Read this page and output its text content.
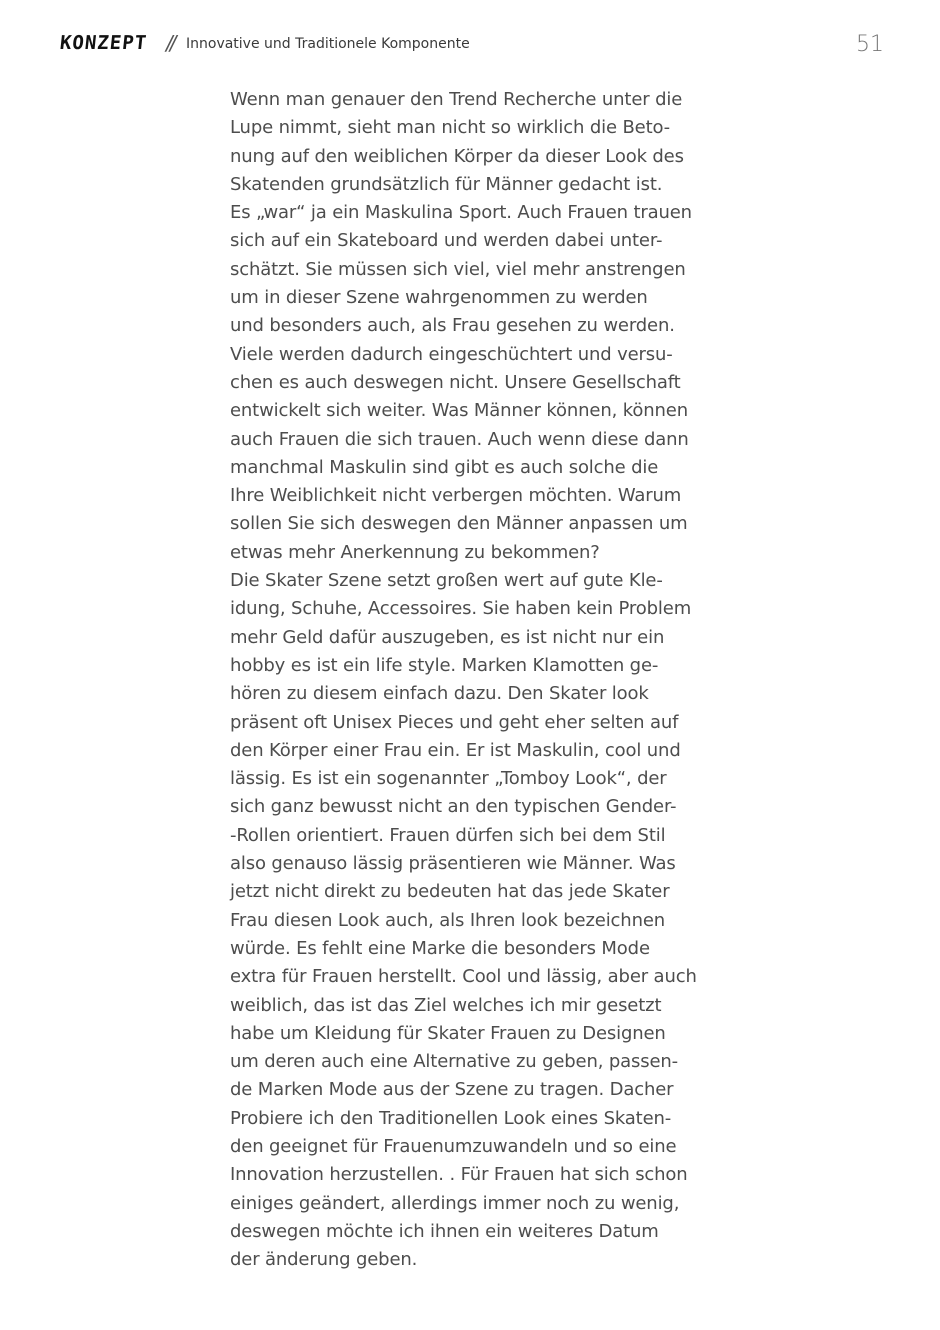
KONZEPT // Innovative und Traditionele Komponente	51
Wenn man genauer den Trend Recherche unter die
Lupe nimmt, sieht man nicht so wirklich die Beto-
nung auf den weiblichen Körper da dieser Look des
Skatenden grundsätzlich für Männer gedacht ist.
Es „war“ ja ein Maskulina Sport. Auch Frauen trauen
sich auf ein Skateboard und werden dabei unter-
schätzt. Sie müssen sich viel, viel mehr anstrengen
um in dieser Szene wahrgenommen zu werden
und besonders auch, als Frau gesehen zu werden.
Viele werden dadurch eingeschüchtert und versu-
chen es auch deswegen nicht. Unsere Gesellschaft
entwickelt sich weiter. Was Männer können, können
auch Frauen die sich trauen. Auch wenn diese dann
manchmal Maskulin sind gibt es auch solche die
Ihre Weiblichkeit nicht verbergen möchten. Warum
sollen Sie sich deswegen den Männer anpassen um
etwas mehr Anerkennung zu bekommen?
Die Skater Szene setzt großen wert auf gute Kle-
idung, Schuhe, Accessoires. Sie haben kein Problem
mehr Geld dafür auszugeben, es ist nicht nur ein
hobby es ist ein life style. Marken Klamotten ge-
hören zu diesem einfach dazu. Den Skater look
präsent oft Unisex Pieces und geht eher selten auf
den Körper einer Frau ein. Er ist Maskulin, cool und
lässig. Es ist ein sogenannter „Tomboy Look“, der
sich ganz bewusst nicht an den typischen Gender-
-Rollen orientiert. Frauen dürfen sich bei dem Stil
also genauso lässig präsentieren wie Männer. Was
jetzt nicht direkt zu bedeuten hat das jede Skater
Frau diesen Look auch, als Ihren look bezeichnen
würde. Es fehlt eine Marke die besonders Mode
extra für Frauen herstellt. Cool und lässig, aber auch
weiblich, das ist das Ziel welches ich mir gesetzt
habe um Kleidung für Skater Frauen zu Designen
um deren auch eine Alternative zu geben, passen-
de Marken Mode aus der Szene zu tragen. Dacher
Probiere ich den Traditionellen Look eines Skaten-
den geeignet für Frauenumzuwandeln und so eine
Innovation herzustellen. . Für Frauen hat sich schon
einiges geändert, allerdings immer noch zu wenig,
deswegen möchte ich ihnen ein weiteres Datum
der änderung geben.
